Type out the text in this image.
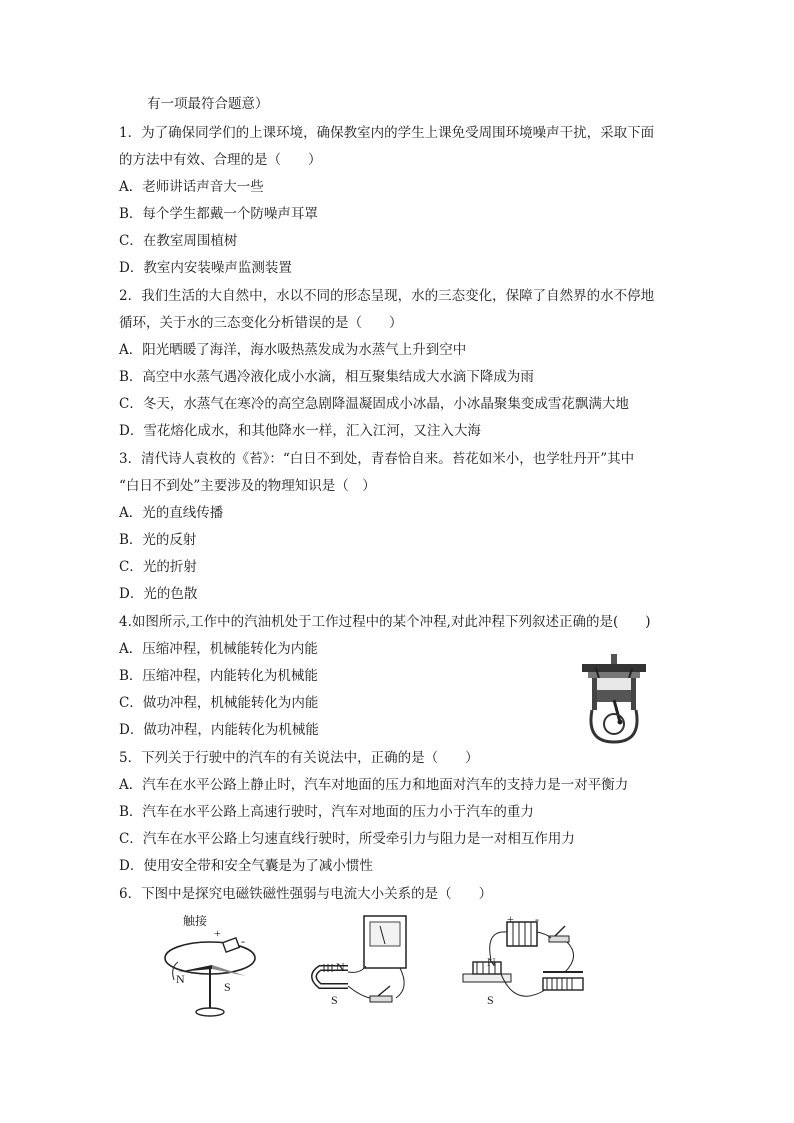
有一项最符合题意）
1．为了确保同学们的上课环境，确保教室内的学生上课免受周围环境噪声干扰，采取下面
的方法中有效、合理的是（　　）
A．老师讲话声音大一些
B．每个学生都戴一个防噪声耳罩
C．在教室周围植树
D．教室内安装噪声监测装置
2．我们生活的大自然中，水以不同的形态呈现，水的三态变化，保障了自然界的水不停地
循环，关于水的三态变化分析错误的是（　　）
A．阳光晒暖了海洋，海水吸热蒸发成为水蒸气上升到空中
B．高空中水蒸气遇冷液化成小水滴，相互聚集结成大水滴下降成为雨
C．冬天，水蒸气在寒冷的高空急剧降温凝固成小冰晶，小冰晶聚集变成雪花飘满大地
D．雪花熔化成水，和其他降水一样，汇入江河，又注入大海
3．清代诗人袁枚的《苔》：“白日不到处，青春恰自来。苔花如米小，也学牡丹开”其中
“白日不到处”主要涉及的物理知识是（　）
A．光的直线传播
B．光的反射
C．光的折射
D．光的色散
4.如图所示,工作中的汽油机处于工作过程中的某个冲程,对此冲程下列叙述正确的是(　　)
A．压缩冲程，机械能转化为内能
B．压缩冲程，内能转化为机械能
C．做功冲程，机械能转化为内能
D．做功冲程，内能转化为机械能
5．下列关于行驶中的汽车的有关说法中，正确的是（　　）
A．汽车在水平公路上静止时，汽车对地面的压力和地面对汽车的支持力是一对平衡力
B．汽车在水平公路上高速行驶时，汽车对地面的压力小于汽车的重力
C．汽车在水平公路上匀速直线行驶时，所受牵引力与阻力是一对相互作用力
D．使用安全带和安全气囊是为了减小惯性
6．下图中是探究电磁铁磁性强弱与电流大小关系的是（　　）
触接
+
-
N
S
N
S
+ -
N
S
